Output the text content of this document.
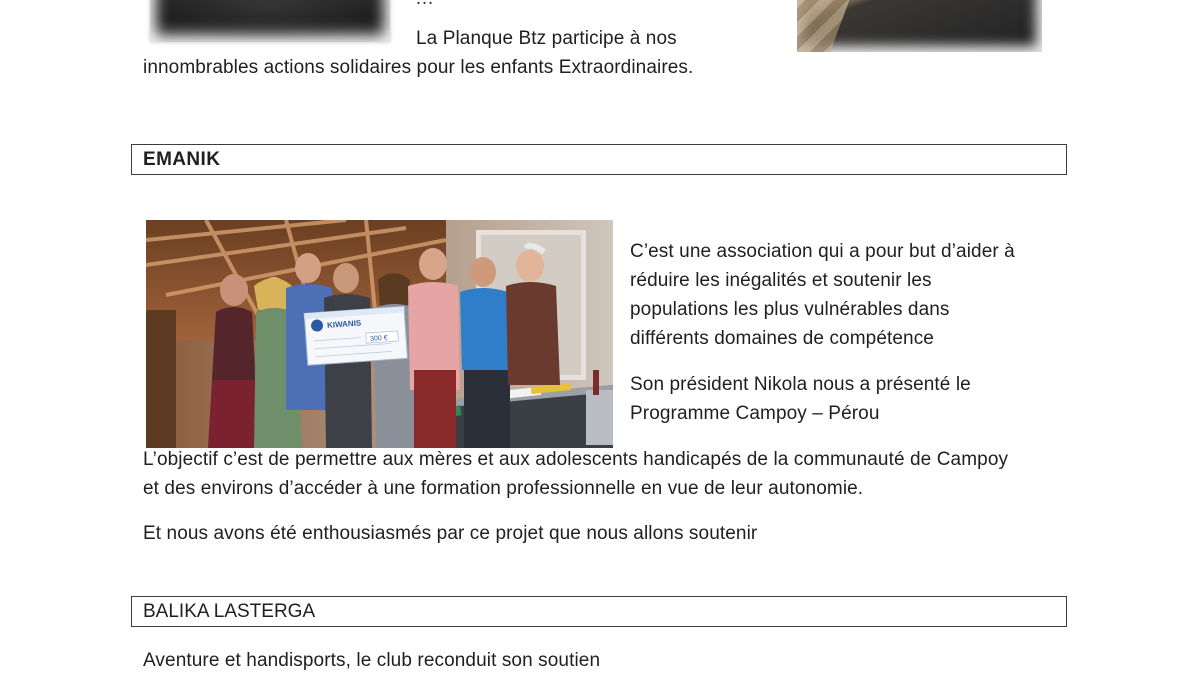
La Planque Btz participe à nos
innombrables actions solidaires pour les enfants Extraordinaires.
EMANIK
KIWANIS
300 €
C’est une association qui a pour but d’aider à
réduire les inégalités et soutenir les
populations les plus vulnérables dans
différents domaines de compétence
Son président Nikola nous a présenté le
Programme Campoy – Pérou
L’objectif c’est de permettre aux mères et aux adolescents handicapés de la communauté de Campoy
et des environs d’accéder à une formation professionnelle en vue de leur autonomie.
Et nous avons été enthousiasmés par ce projet que nous allons soutenir
BALIKA LASTERGA
Aventure et handisports, le club reconduit son soutien
